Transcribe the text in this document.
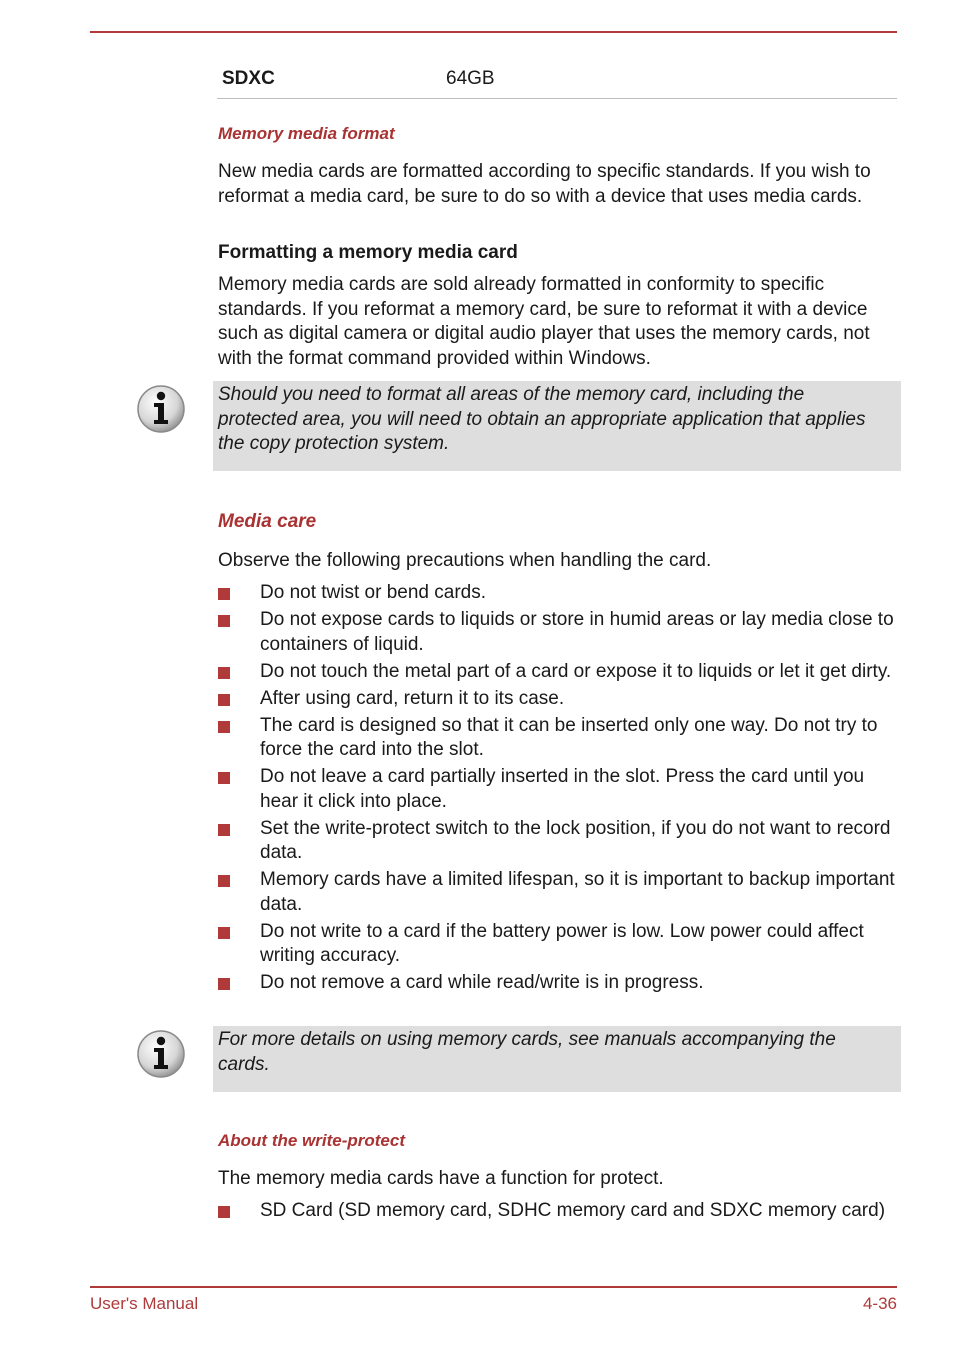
SDXC	64GB
Memory media format
New media cards are formatted according to specific standards. If you wish to reformat a media card, be sure to do so with a device that uses media cards.
Formatting a memory media card
Memory media cards are sold already formatted in conformity to specific standards. If you reformat a memory card, be sure to reformat it with a device such as digital camera or digital audio player that uses the memory cards, not with the format command provided within Windows.
Should you need to format all areas of the memory card, including the protected area, you will need to obtain an appropriate application that applies the copy protection system.
Media care
Observe the following precautions when handling the card.
Do not twist or bend cards.
Do not expose cards to liquids or store in humid areas or lay media close to containers of liquid.
Do not touch the metal part of a card or expose it to liquids or let it get dirty.
After using card, return it to its case.
The card is designed so that it can be inserted only one way. Do not try to force the card into the slot.
Do not leave a card partially inserted in the slot. Press the card until you hear it click into place.
Set the write-protect switch to the lock position, if you do not want to record data.
Memory cards have a limited lifespan, so it is important to backup important data.
Do not write to a card if the battery power is low. Low power could affect writing accuracy.
Do not remove a card while read/write is in progress.
For more details on using memory cards, see manuals accompanying the cards.
About the write-protect
The memory media cards have a function for protect.
SD Card (SD memory card, SDHC memory card and SDXC memory card)
User's Manual	4-36
